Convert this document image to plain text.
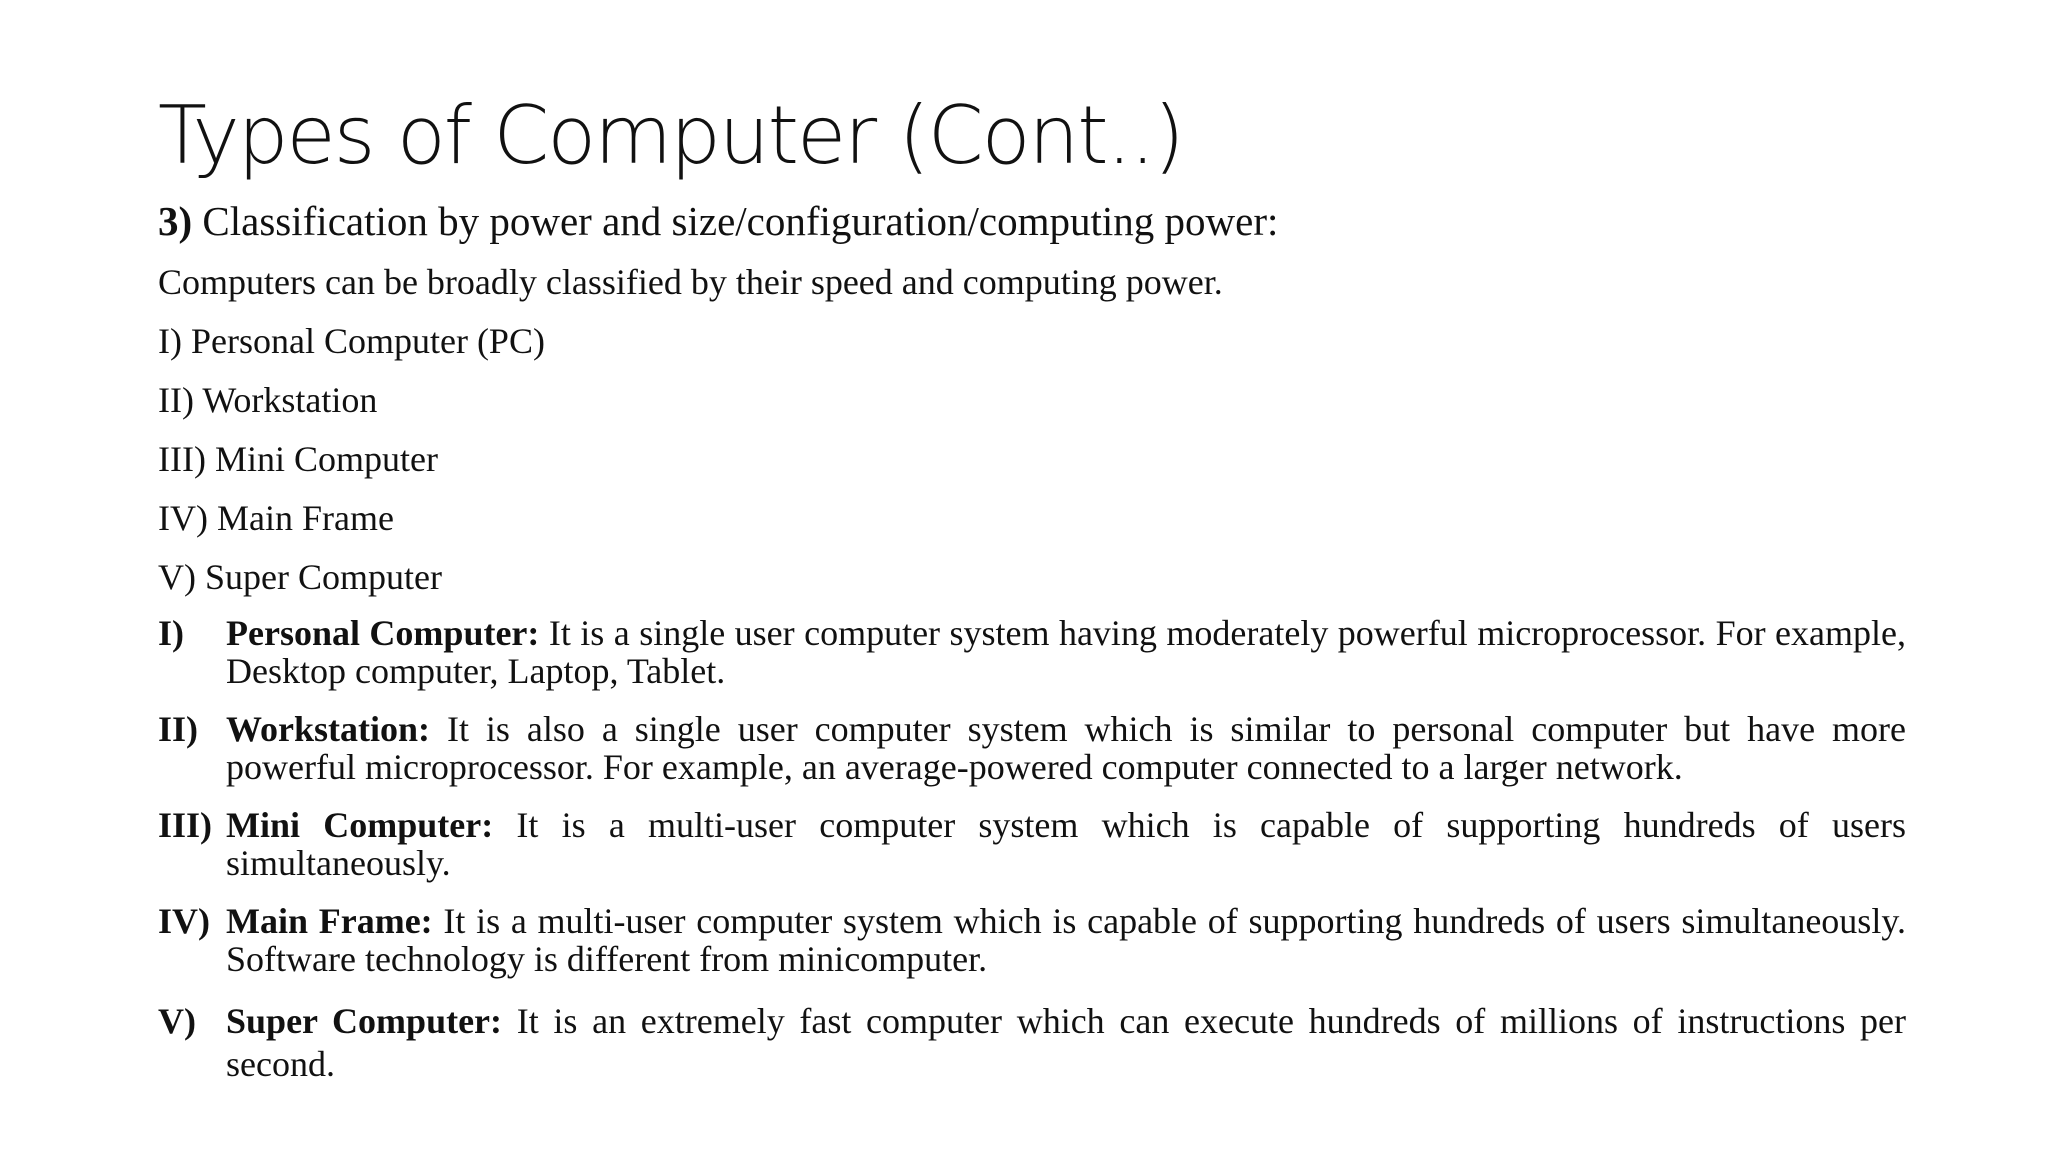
Types of Computer (Cont..)
3) Classification by power and size/configuration/computing power:
Computers can be broadly classified by their speed and computing power.
I) Personal Computer (PC)
II) Workstation
III) Mini Computer
IV) Main Frame
V) Super Computer
I) Personal Computer: It is a single user computer system having moderately powerful microprocessor. For example, Desktop computer, Laptop, Tablet.
II) Workstation: It is also a single user computer system which is similar to personal computer but have more powerful microprocessor. For example, an average-powered computer connected to a larger network.
III) Mini Computer: It is a multi-user computer system which is capable of supporting hundreds of users simultaneously.
IV) Main Frame: It is a multi-user computer system which is capable of supporting hundreds of users simultaneously. Software technology is different from minicomputer.
V) Super Computer: It is an extremely fast computer which can execute hundreds of millions of instructions per second.
